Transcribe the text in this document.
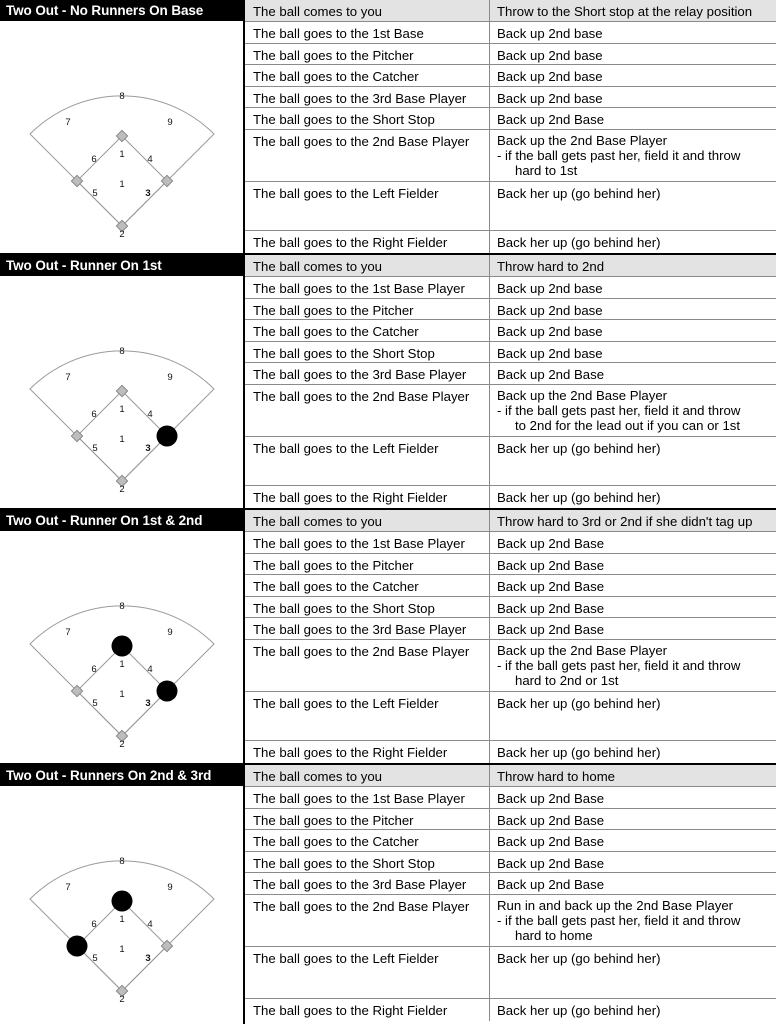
Two Out - No Runners On Base
1
1
2
3
4
5
6
7
8
9
The ball comes to you	Throw to the Short stop at the relay position
The ball goes to the 1st Base	Back up 2nd base
The ball goes to the Pitcher	Back up 2nd base
The ball goes to the Catcher	Back up 2nd base
The ball goes to the 3rd Base Player	Back up 2nd base
The ball goes to the Short Stop	Back up 2nd Base
The ball goes to the 2nd Base Player	Back up the 2nd Base Player
- if the ball gets past her, field it and throw
hard to 1st
The ball goes to the Left Fielder	Back her up (go behind her)
The ball goes to the Right Fielder	Back her up (go behind her)
Two Out - Runner On 1st
1
1
2
3
4
5
6
7
8
9
The ball comes to you	Throw hard to 2nd
The ball goes to the 1st Base Player	Back up 2nd base
The ball goes to the Pitcher	Back up 2nd base
The ball goes to the Catcher	Back up 2nd base
The ball goes to the Short Stop	Back up 2nd base
The ball goes to the 3rd Base Player	Back up 2nd Base
The ball goes to the 2nd Base Player	Back up the 2nd Base Player
- if the ball gets past her, field it and throw
to 2nd for the lead out if you can or 1st
The ball goes to the Left Fielder	Back her up (go behind her)
The ball goes to the Right Fielder	Back her up (go behind her)
Two Out - Runner On 1st & 2nd
1
1
2
3
4
5
6
7
8
9
The ball comes to you	Throw hard to 3rd or 2nd if she didn't tag up
The ball goes to the 1st Base Player	Back up 2nd Base
The ball goes to the Pitcher	Back up 2nd Base
The ball goes to the Catcher	Back up 2nd Base
The ball goes to the Short Stop	Back up 2nd Base
The ball goes to the 3rd Base Player	Back up 2nd Base
The ball goes to the 2nd Base Player	Back up the 2nd Base Player
- if the ball gets past her, field it and throw
hard to 2nd or 1st
The ball goes to the Left Fielder	Back her up (go behind her)
The ball goes to the Right Fielder	Back her up (go behind her)
Two Out - Runners On 2nd & 3rd
1
1
2
3
4
5
6
7
8
9
The ball comes to you	Throw hard to home
The ball goes to the 1st Base Player	Back up 2nd Base
The ball goes to the Pitcher	Back up 2nd Base
The ball goes to the Catcher	Back up 2nd Base
The ball goes to the Short Stop	Back up 2nd Base
The ball goes to the 3rd Base Player	Back up 2nd Base
The ball goes to the 2nd Base Player	Run in and back up the 2nd Base Player
- if the ball gets past her, field it and throw
hard to home
The ball goes to the Left Fielder	Back her up (go behind her)
The ball goes to the Right Fielder	Back her up (go behind her)
